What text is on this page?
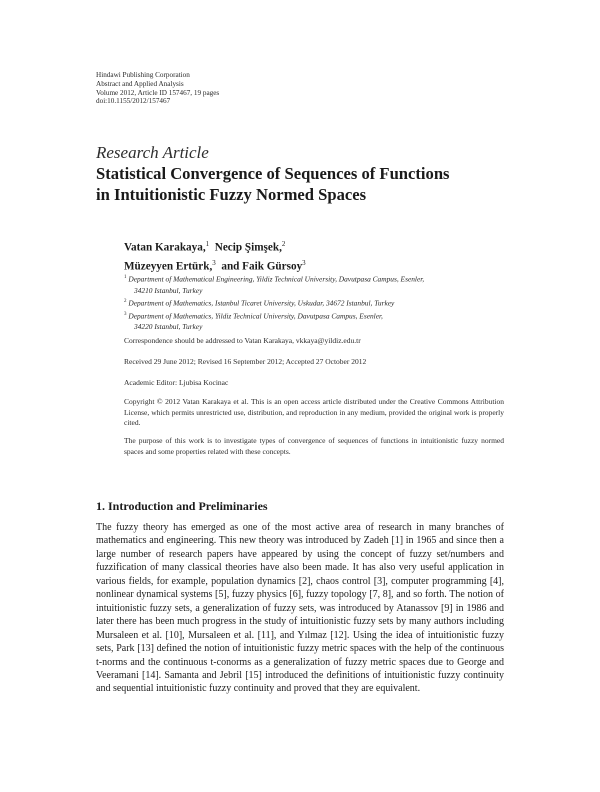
Hindawi Publishing Corporation
Abstract and Applied Analysis
Volume 2012, Article ID 157467, 19 pages
doi:10.1155/2012/157467
Research Article
Statistical Convergence of Sequences of Functions
in Intuitionistic Fuzzy Normed Spaces
Vatan Karakaya,$^1$ Necip Şimşek,$^2$
Müzeyyen Ertürk,$^3$ and Faik Gürsoy$^3$
$^1$ Department of Mathematical Engineering, Yildiz Technical University, Davutpasa Campus, Esenler,
34210 Istanbul, Turkey
$^2$ Department of Mathematics, Istanbul Ticaret University, Uskudar, 34672 Istanbul, Turkey
$^3$ Department of Mathematics, Yildiz Technical University, Davutpasa Campus, Esenler,
34220 Istanbul, Turkey
Correspondence should be addressed to Vatan Karakaya, vkkaya@yildiz.edu.tr
Received 29 June 2012; Revised 16 September 2012; Accepted 27 October 2012
Academic Editor: Ljubisa Kocinac
Copyright © 2012 Vatan Karakaya et al. This is an open access article distributed under the Creative Commons Attribution License, which permits unrestricted use, distribution, and reproduction in any medium, provided the original work is properly cited.
The purpose of this work is to investigate types of convergence of sequences of functions in intuitionistic fuzzy normed spaces and some properties related with these concepts.
1. Introduction and Preliminaries
The fuzzy theory has emerged as one of the most active area of research in many branches of mathematics and engineering. This new theory was introduced by Zadeh [1] in 1965 and since then a large number of research papers have appeared by using the concept of fuzzy set/numbers and fuzzification of many classical theories have also been made. It has also very useful application in various fields, for example, population dynamics [2], chaos control [3], computer programming [4], nonlinear dynamical systems [5], fuzzy physics [6], fuzzy topology [7, 8], and so forth. The notion of intuitionistic fuzzy sets, a generalization of fuzzy sets, was introduced by Atanassov [9] in 1986 and later there has been much progress in the study of intuitionistic fuzzy sets by many authors including Mursaleen et al. [10], Mursaleen et al. [11], and Yılmaz [12]. Using the idea of intuitionistic fuzzy sets, Park [13] defined the notion of intuitionistic fuzzy metric spaces with the help of the continuous t-norms and the continuous t-conorms as a generalization of fuzzy metric spaces due to George and Veeramani [14]. Samanta and Jebril [15] introduced the definitions of intuitionistic fuzzy continuity and sequential intuitionistic fuzzy continuity and proved that they are equivalent.
